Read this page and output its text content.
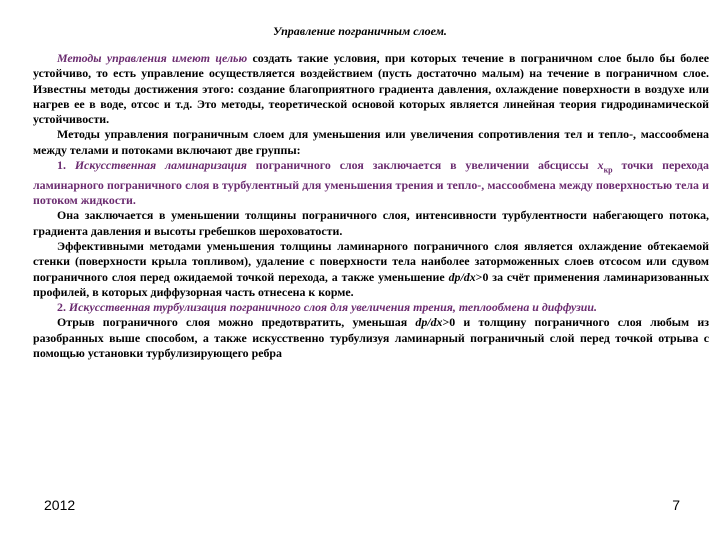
Управление пограничным слоем.

Методы управления имеют целью создать такие условия, при которых течение в пограничном слое было бы более устойчиво, то есть управление осуществляется воздействием (пусть достаточно малым) на течение в пограничном слое. Известны методы достижения этого: создание благоприятного градиента давления, охлаждение поверхности в воздухе или нагрев ее в воде, отсос и т.д. Это методы, теоретической основой которых является линейная теория гидродинамической устойчивости.

Методы управления пограничным слоем для уменьшения или увеличения сопротивления тел и тепло-, массообмена между телами и потоками включают две группы:

1. Искусственная ламинаризация пограничного слоя заключается в увеличении абсциссы $x_{кр}$ точки перехода ламинарного пограничного слоя в турбулентный для уменьшения трения и тепло-, массообмена между поверхностью тела и потоком жидкости.

Она заключается в уменьшении толщины пограничного слоя, интенсивности турбулентности набегающего потока, градиента давления и высоты гребешков шероховатости.

Эффективными методами уменьшения толщины ламинарного пограничного слоя является охлаждение обтекаемой стенки (поверхности крыла топливом), удаление с поверхности тела наиболее заторможенных слоев отсосом или сдувом пограничного слоя перед ожидаемой точкой перехода, а также уменьшение dp/dx>0 за счёт применения ламинаризованных профилей, в которых диффузорная часть отнесена к корме.

2. Искусственная турбулизация пограничного слоя для увеличения трения, теплообмена и диффузии.

Отрыв пограничного слоя можно предотвратить, уменьшая dp/dx>0 и толщину пограничного слоя любым из разобранных выше способом, а также искусственно турбулизуя ламинарный пограничный слой перед точкой отрыва с помощью установки турбулизирующего ребра

2012	7
